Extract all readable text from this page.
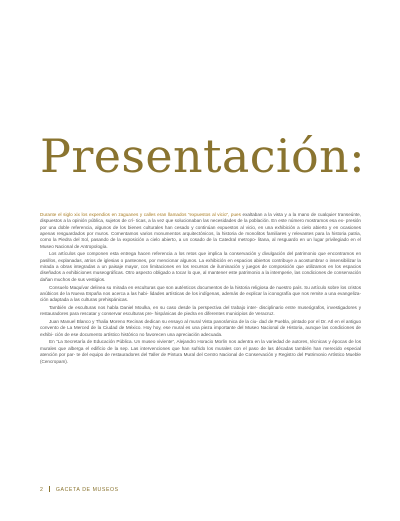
Presentación:

Durante el siglo xix los expendios en zaguanes y calles eran llamados “expuestos al vicio”, pues exaltaban a la vista y a la mano de cualquier transeúnte, dispuestos a la opinión pública, sujetos de crí- ticas, a la vez que solucionaban las necesidades de la población. En este número mostramos esa ex- presión por una doble referencia, algunos de los bienes culturales han cesado y continúan expuestos al vicio, en una exhibición a cielo abierto y en ocasiones apenas resguardados por muros. Comentamos varios monumentos arquitectónicos, la historia de monolitos familiares y relevantes para la historia patria, como la Piedra del Sol, pasando de la exposición a cielo abierto, a un cosado de la Catedral metropo- litana, al resguardo en un lugar privilegiado en el Museo Nacional de Antropología.

Los artículos que componen esta entrega hacen referencia a los retos que implica la conservación y divulgación del patrimonio que encontramos en pasillos, explanadas, atrios de iglesias o panteones, por mencionar algunos. La exhibición en espacios abiertos contribuye a acostumbrar o insensibilizar la mirada a obras integradas a un paisaje mayor, con limitaciones en los recursos de iluminación y juegos de composición que utilizamos en los espacios diseñados a exhibiciones museográficas. Otro aspecto obligado a tocar lo que, al mantener este patrimonio a la intemperie, las condiciones de conservación dañan muchos de sus vestigios.

Consuelo Maquívar delinea su mirada en esculturas que son auténticos documentos de la historia religiosa de nuestro país. Su artículo sobre los cristos anúbicos de la Nueva España nos acerca a las habi- lidades artísticas de los indígenas, además de explicar la iconografía que nos remite a una evangeliza- ción adaptada a las culturas prehispánicas.

También de esculturas nos habla Daniel Moulka, en su caso desde la perspectiva del trabajo inter- disciplinario entre museógrafos, investigadores y restauradores para rescatar y conservar esculturas pre- hispánicas de piedra en diferentes municipios de Veracruz.

Juan Manuel Blanco y Thalia Moreno Recinas dedican su ensayo al mural Vista panorámica de la ciu- dad de Puebla, pintado por el Dr. Atl en el antiguo convento de La Merced de la Ciudad de México. Hoy hoy, ese mural es una pieza importante del Museo Nacional de Historia, aunque las condiciones de exhibi- ción de ese documento artístico histórico no favorecen una apreciación adecuada.

En “La Secretaría de Educación Pública. Un museo viviente”, Alejandro Horacio Morlin nos adentra en la variedad de autores, técnicas y épocas de los murales que alberga el edificio de la sep. Las intervenciones que han sufrido los murales con el paso de las décadas también han merecido especial atención por par- te del equipo de restauradores del Taller de Pintura Mural del Centro Nacional de Conservación y Registro del Patrimonio Artístico Mueble (Cencropam).

2	GACETA DE MUSEOS
